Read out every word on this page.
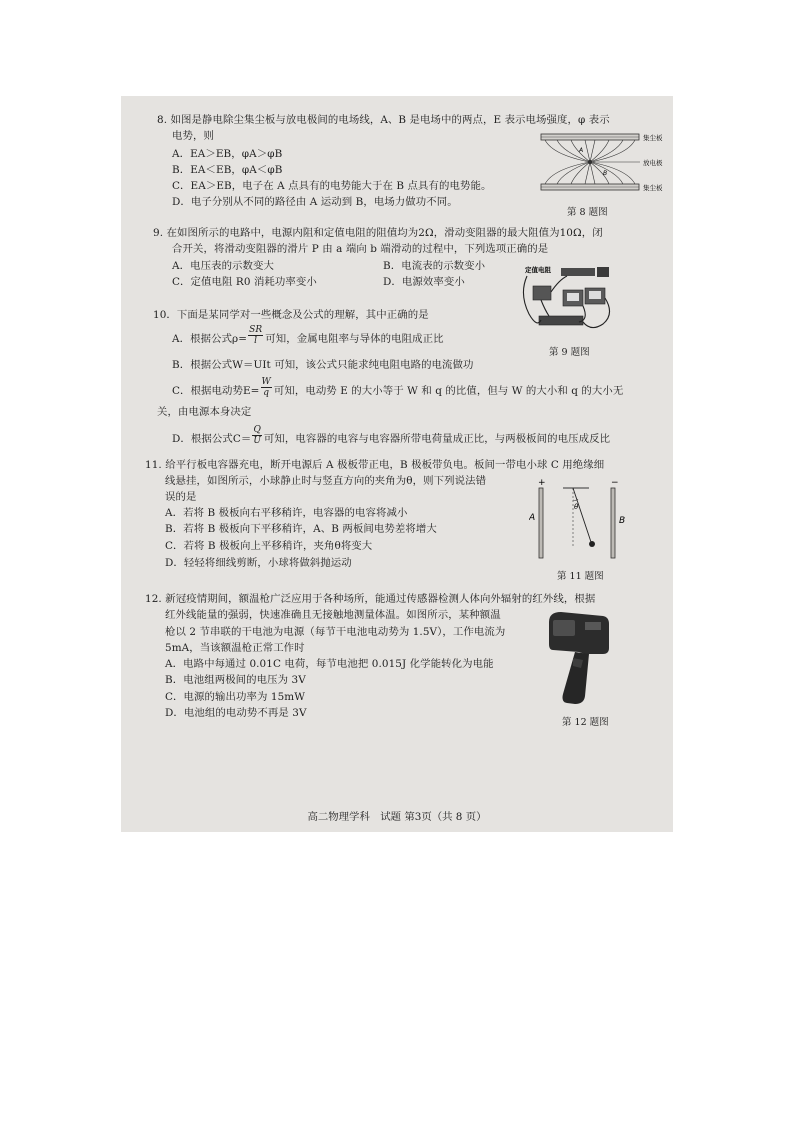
8. 如图是静电除尘集尘板与放电极间的电场线，A、B 是电场中的两点，E 表示电场强度，φ 表示
电势，则
A．EA＞EB，φA＞φB
B．EA＜EB，φA＜φB
C．EA＞EB，电子在 A 点具有的电势能大于在 B 点具有的电势能。
D．电子分别从不同的路径由 A 运动到 B，电场力做功不同。
A
B
集尘板
放电极
集尘板
第 8 题图
9. 在如图所示的电路中，电源内阻和定值电阻的阻值均为2Ω，滑动变阻器的最大阻值为10Ω，闭
合开关，将滑动变阻器的滑片 P 由 a 端向 b 端滑动的过程中，下列选项正确的是
A．电压表的示数变大	B．电流表的示数变小
C．定值电阻 R0 消耗功率变小	D．电源效率变小
定值电阻
第 9 题图
10．下面是某同学对一些概念及公式的理解，其中正确的是
A．根据公式$\rho= \frac{SR}{l}$ 可知，金属电阻率与导体的电阻成正比
B．根据公式W＝UIt 可知，该公式只能求纯电阻电路的电流做功
C．根据电动势$E= \frac{W}{q}$ 可知，电动势 E 的大小等于 W 和 q 的比值，但与 W 的大小和 q 的大小无
关，由电源本身决定
D．根据公式$C= \frac{Q}{U}$ 可知，电容器的电容与电容器所带电荷量成正比，与两极板间的电压成反比
11. 给平行板电容器充电，断开电源后 A 极板带正电，B 极板带负电。板间一带电小球 C 用绝缘细
线悬挂，如图所示，小球静止时与竖直方向的夹角为θ，则下列说法错
误的是
A．若将 B 极板向右平移稍许，电容器的电容将减小
B．若将 B 极板向下平移稍许，A、B 两板间电势差将增大
C．若将 B 极板向上平移稍许，夹角θ将变大
D．轻轻将细线剪断，小球将做斜抛运动
+	−
A	B
θ
第 11 题图
12. 新冠疫情期间，额温枪广泛应用于各种场所，能通过传感器检测人体向外辐射的红外线，根据
红外线能量的强弱，快速准确且无接触地测量体温。如图所示，某种额温
枪以 2 节串联的干电池为电源（每节干电池电动势为 1.5V），工作电流为
5mA，当该额温枪正常工作时
A．电路中每通过 0.01C 电荷，每节电池把 0.015J 化学能转化为电能
B．电池组两极间的电压为 3V
C．电源的输出功率为 15mW
D．电池组的电动势不再是 3V
第 12 题图
高二物理学科　试题 第3页（共 8 页）
